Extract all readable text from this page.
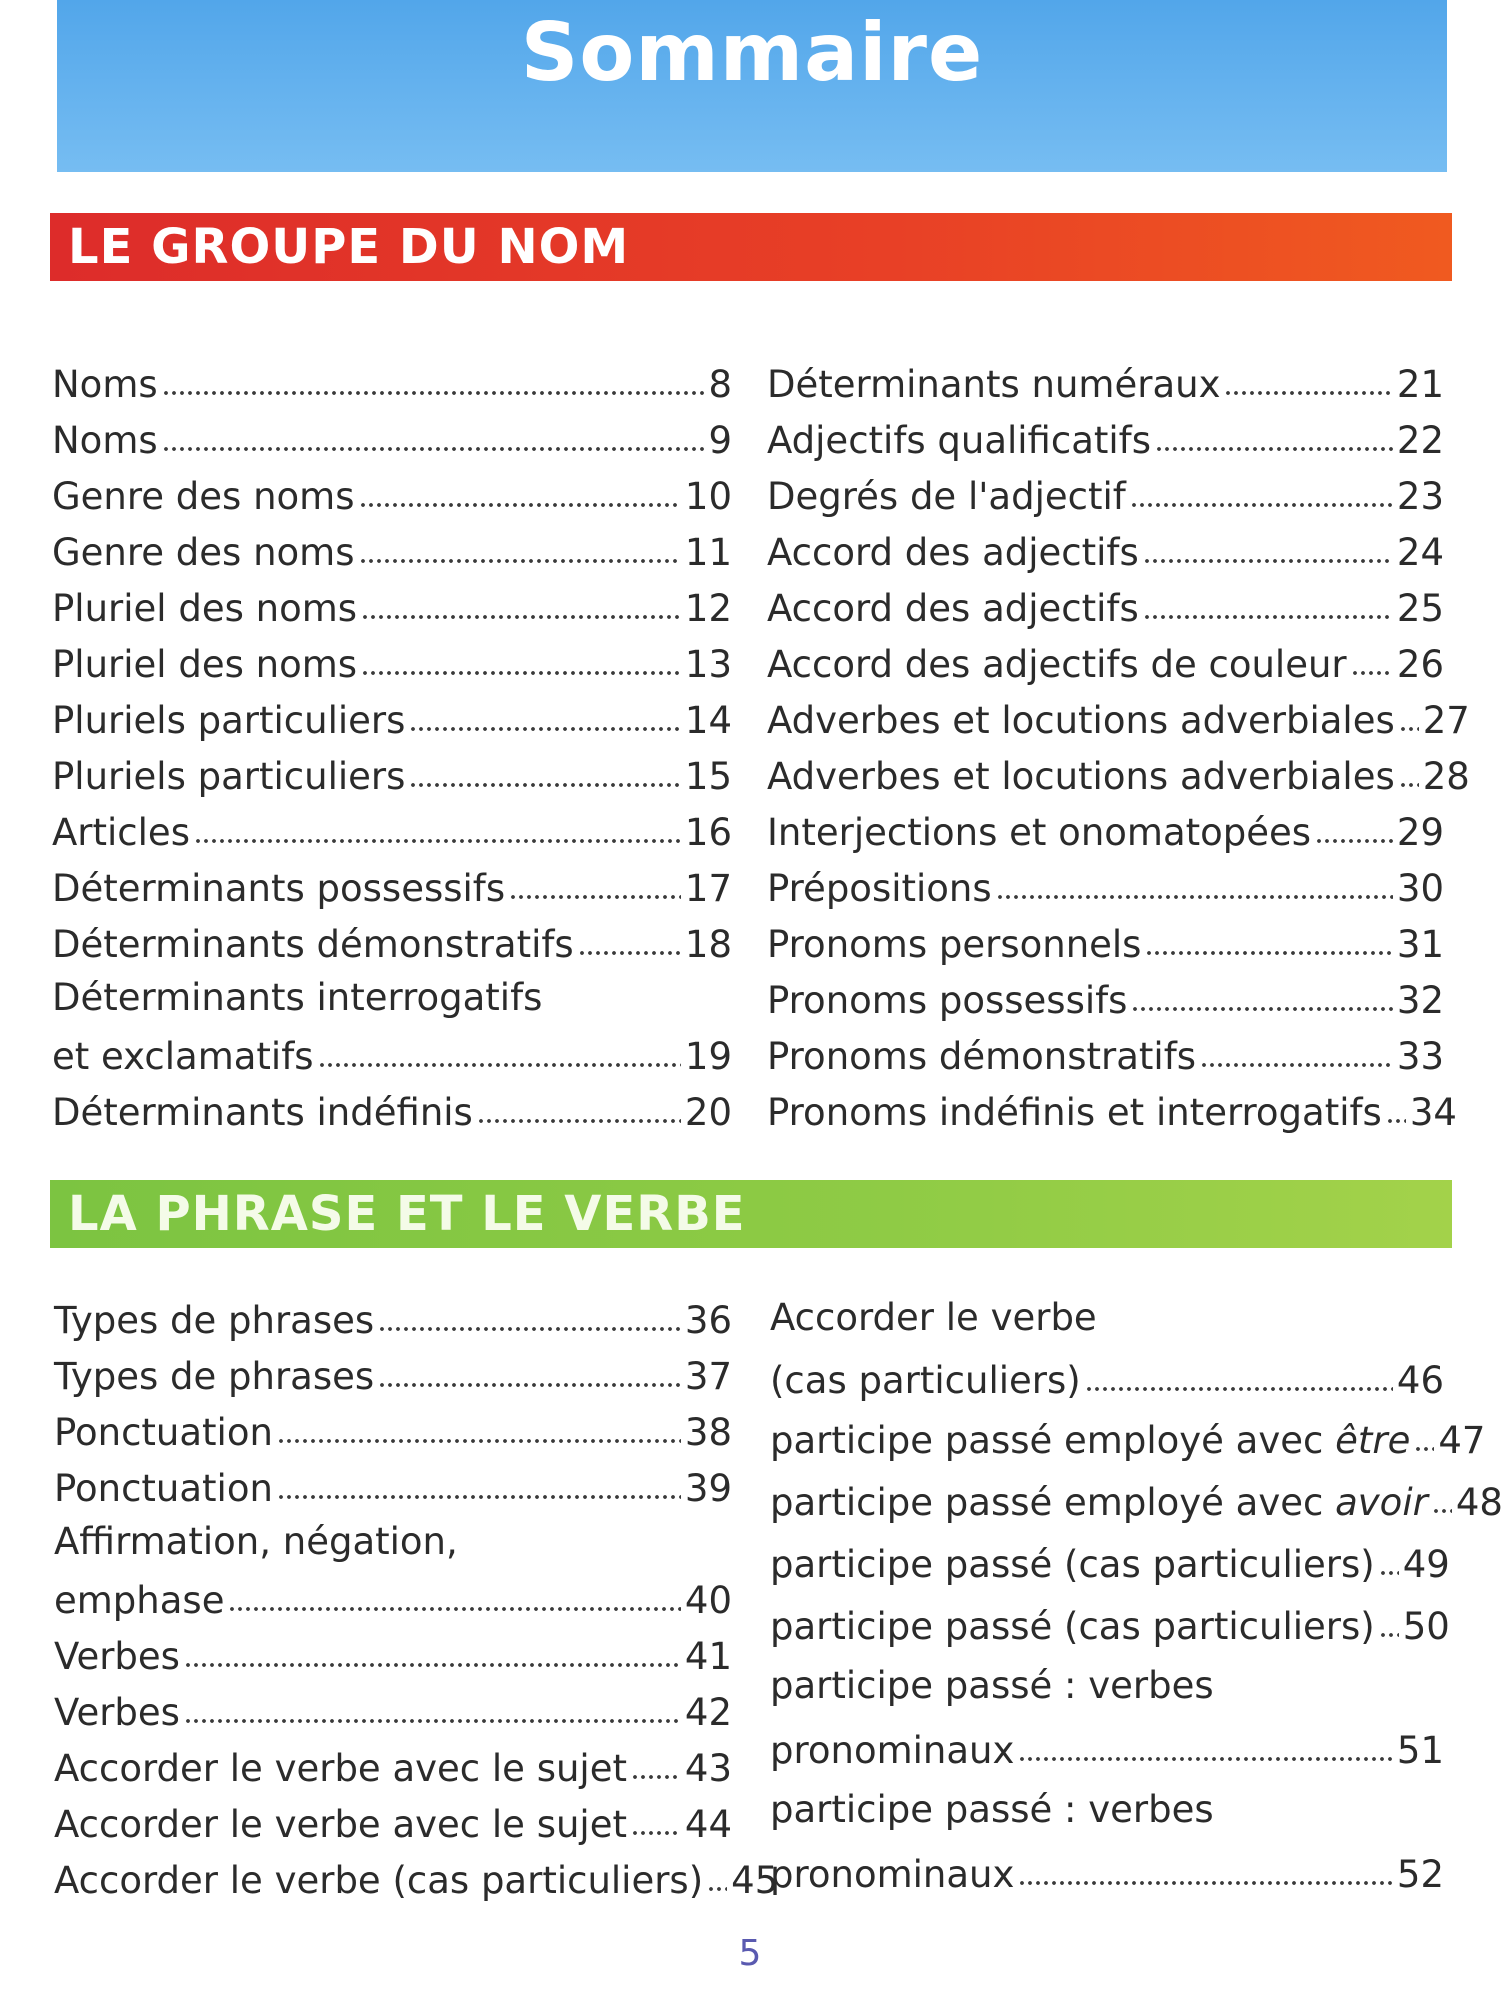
Sommaire
LE GROUPE DU NOM
LA PHRASE ET LE VERBE
Noms	8
Noms	9
Genre des noms	10
Genre des noms	11
Pluriel des noms	12
Pluriel des noms	13
Pluriels particuliers	14
Pluriels particuliers	15
Articles	16
Déterminants possessifs	17
Déterminants démonstratifs	18
Déterminants interrogatifs
et exclamatifs	19
Déterminants indéfinis	20
Déterminants numéraux	21
Adjectifs qualificatifs	22
Degrés de l'adjectif	23
Accord des adjectifs	24
Accord des adjectifs	25
Accord des adjectifs de couleur 26
Adverbes et locutions adverbiales 27
Adverbes et locutions adverbiales 28
Interjections et onomatopées 29
Prépositions	30
Pronoms personnels	31
Pronoms possessifs	32
Pronoms démonstratifs	33
Pronoms indéfinis et interrogatifs 34
Types de phrases	36
Types de phrases	37
Ponctuation	38
Ponctuation	39
Affirmation, négation,
emphase	40
Verbes	41
Verbes	42
Accorder le verbe avec le sujet 43
Accorder le verbe avec le sujet 44
Accorder le verbe (cas particuliers) 45
Accorder le verbe
(cas particuliers)	46
participe passé employé avec être 47
participe passé employé avec avoir 48
participe passé (cas particuliers) 49
participe passé (cas particuliers) 50
participe passé : verbes
pronominaux	51
participe passé : verbes
pronominaux	52
5
